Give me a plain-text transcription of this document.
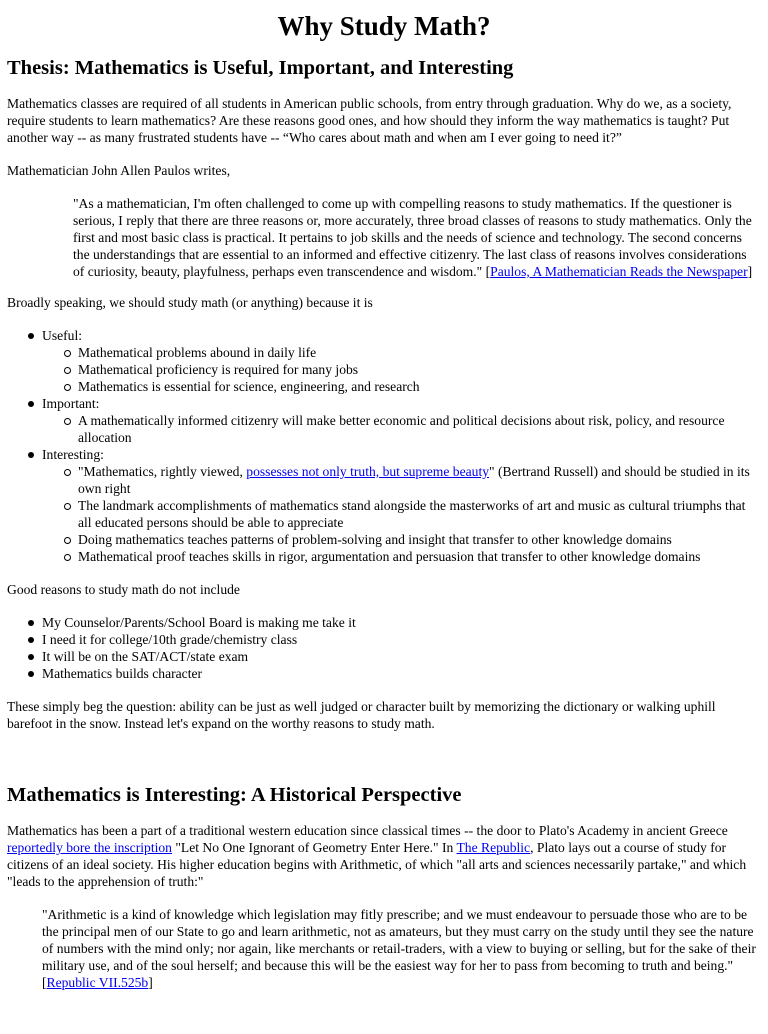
Why Study Math?
Thesis: Mathematics is Useful, Important, and Interesting

Mathematics classes are required of all students in American public schools, from entry through graduation. Why do we, as a society, require students to learn mathematics? Are these reasons good ones, and how should they inform the way mathematics is taught? Put another way -- as many frustrated students have -- “Who cares about math and when am I ever going to need it?”

Mathematician John Allen Paulos writes,

"As a mathematician, I'm often challenged to come up with compelling reasons to study mathematics. If the questioner is serious, I reply that there are three reasons or, more accurately, three broad classes of reasons to study mathematics. Only the first and most basic class is practical. It pertains to job skills and the needs of science and technology. The second concerns the understandings that are essential to an informed and effective citizenry. The last class of reasons involves considerations of curiosity, beauty, playfulness, perhaps even transcendence and wisdom." [Paulos, A Mathematician Reads the Newspaper]

Broadly speaking, we should study math (or anything) because it is

Useful:
Mathematical problems abound in daily life
Mathematical proficiency is required for many jobs
Mathematics is essential for science, engineering, and research
Important:
A mathematically informed citizenry will make better economic and political decisions about risk, policy, and resource allocation
Interesting:
"Mathematics, rightly viewed, possesses not only truth, but supreme beauty" (Bertrand Russell) and should be studied in its own right
The landmark accomplishments of mathematics stand alongside the masterworks of art and music as cultural triumphs that all educated persons should be able to appreciate
Doing mathematics teaches patterns of problem-solving and insight that transfer to other knowledge domains
Mathematical proof teaches skills in rigor, argumentation and persuasion that transfer to other knowledge domains

Good reasons to study math do not include

My Counselor/Parents/School Board is making me take it
I need it for college/10th grade/chemistry class
It will be on the SAT/ACT/state exam
Mathematics builds character

These simply beg the question: ability can be just as well judged or character built by memorizing the dictionary or walking uphill barefoot in the snow. Instead let's expand on the worthy reasons to study math.

Mathematics is Interesting: A Historical Perspective

Mathematics has been a part of a traditional western education since classical times -- the door to Plato's Academy in ancient Greece reportedly bore the inscription "Let No One Ignorant of Geometry Enter Here." In The Republic, Plato lays out a course of study for citizens of an ideal society. His higher education begins with Arithmetic, of which "all arts and sciences necessarily partake," and which "leads to the apprehension of truth:"

"Arithmetic is a kind of knowledge which legislation may fitly prescribe; and we must endeavour to persuade those who are to be the principal men of our State to go and learn arithmetic, not as amateurs, but they must carry on the study until they see the nature of numbers with the mind only; nor again, like merchants or retail-traders, with a view to buying or selling, but for the sake of their military use, and of the soul herself; and because this will be the easiest way for her to pass from becoming to truth and being." [Republic VII.525b]
